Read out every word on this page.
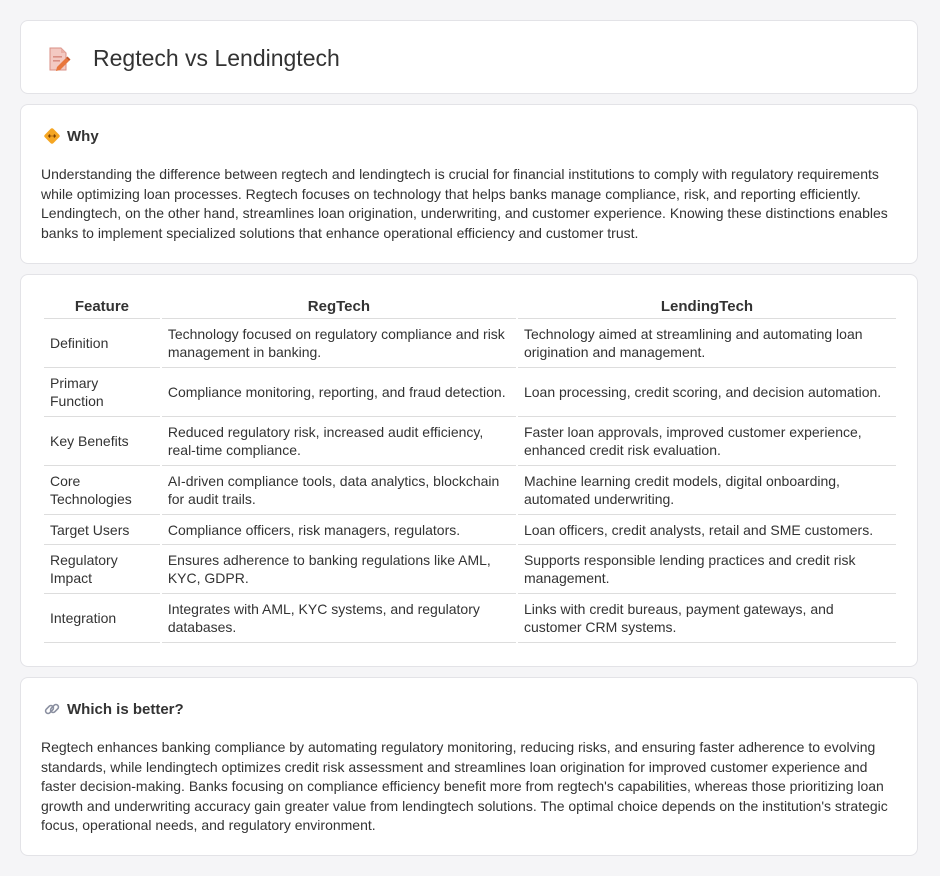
Regtech vs Lendingtech
Why

Understanding the difference between regtech and lendingtech is crucial for financial institutions to comply with regulatory requirements while optimizing loan processes. Regtech focuses on technology that helps banks manage compliance, risk, and reporting efficiently. Lendingtech, on the other hand, streamlines loan origination, underwriting, and customer experience. Knowing these distinctions enables banks to implement specialized solutions that enhance operational efficiency and customer trust.

Feature	RegTech	LendingTech
Definition	Technology focused on regulatory compliance and risk management in banking.	Technology aimed at streamlining and automating loan origination and management.
Primary Function	Compliance monitoring, reporting, and fraud detection.	Loan processing, credit scoring, and decision automation.
Key Benefits	Reduced regulatory risk, increased audit efficiency, real-time compliance.	Faster loan approvals, improved customer experience, enhanced credit risk evaluation.
Core Technologies	AI-driven compliance tools, data analytics, blockchain for audit trails.	Machine learning credit models, digital onboarding, automated underwriting.
Target Users	Compliance officers, risk managers, regulators.	Loan officers, credit analysts, retail and SME customers.
Regulatory Impact	Ensures adherence to banking regulations like AML, KYC, GDPR.	Supports responsible lending practices and credit risk management.
Integration	Integrates with AML, KYC systems, and regulatory databases.	Links with credit bureaus, payment gateways, and customer CRM systems.
Which is better?

Regtech enhances banking compliance by automating regulatory monitoring, reducing risks, and ensuring faster adherence to evolving standards, while lendingtech optimizes credit risk assessment and streamlines loan origination for improved customer experience and faster decision-making. Banks focusing on compliance efficiency benefit more from regtech's capabilities, whereas those prioritizing loan growth and underwriting accuracy gain greater value from lendingtech solutions. The optimal choice depends on the institution's strategic focus, operational needs, and regulatory environment.
